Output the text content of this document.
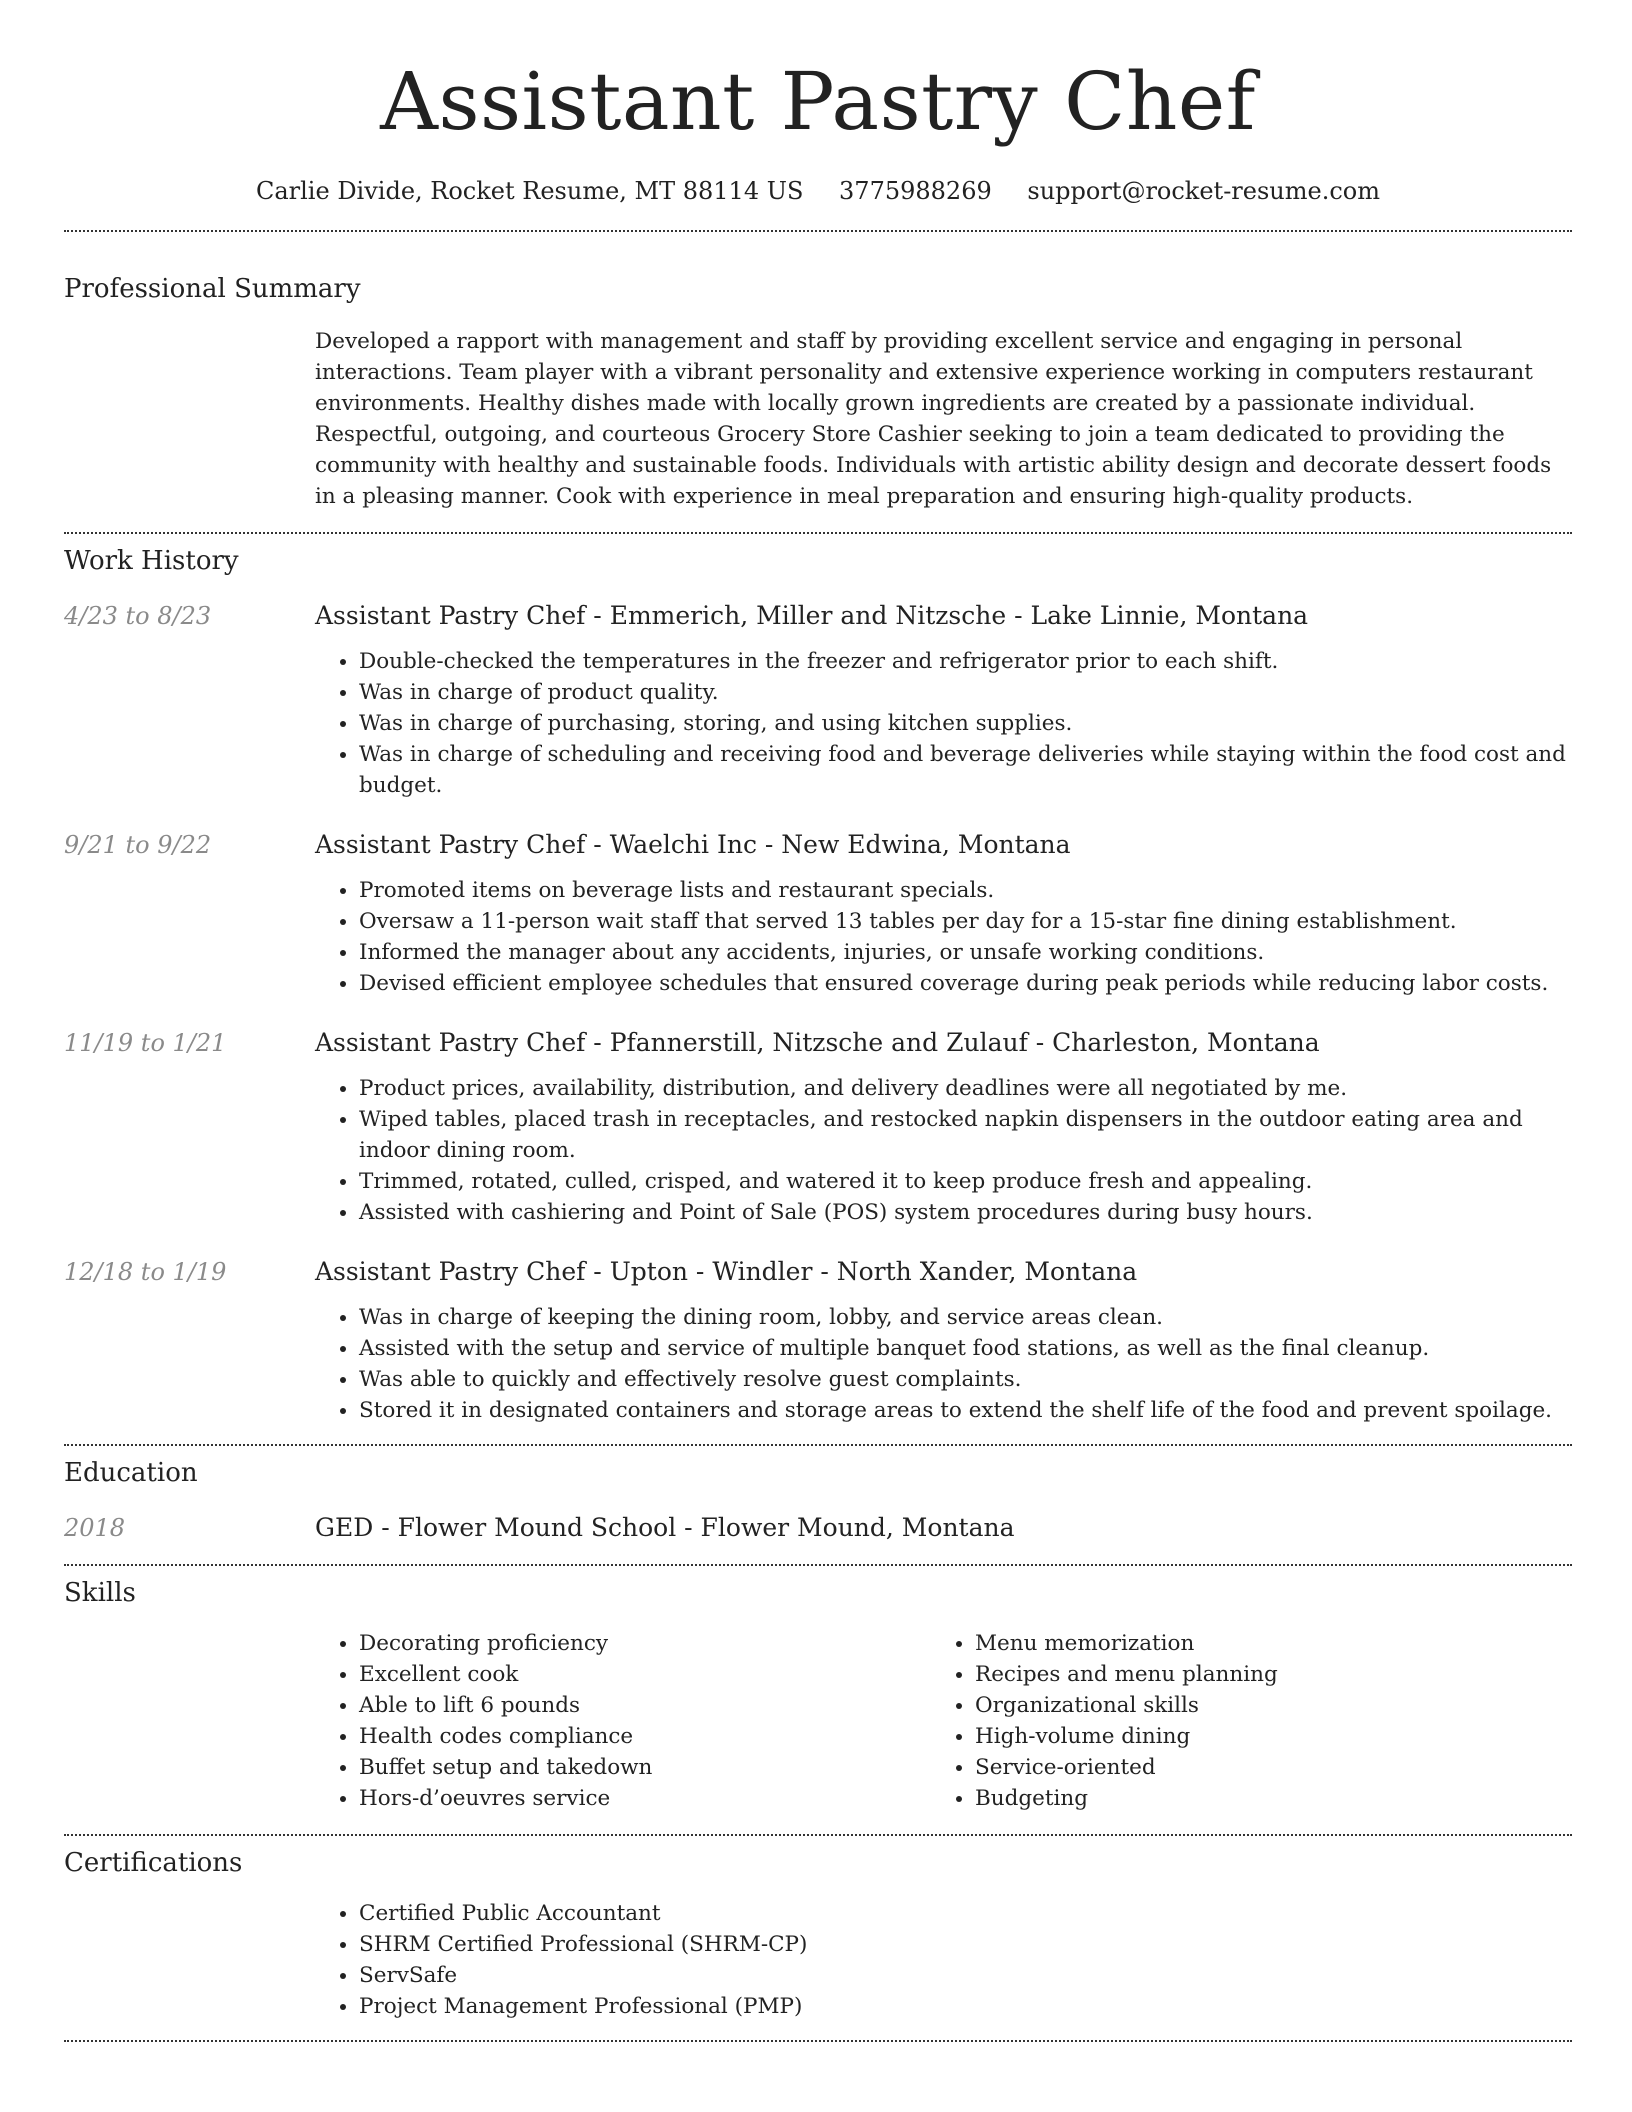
Assistant Pastry Chef
Carlie Divide, Rocket Resume, MT 88114 US 3775988269 support@rocket-resume.com
Professional Summary

Developed a rapport with management and staff by providing excellent service and engaging in personal interactions. Team player with a vibrant personality and extensive experience working in computers restaurant environments. Healthy dishes made with locally grown ingredients are created by a passionate individual. Respectful, outgoing, and courteous Grocery Store Cashier seeking to join a team dedicated to providing the community with healthy and sustainable foods. Individuals with artistic ability design and decorate dessert foods in a pleasing manner. Cook with experience in meal preparation and ensuring high-quality products.

Work History
4/23 to 8/23	Assistant Pastry Chef - Emmerich, Miller and Nitzsche - Lake Linnie, Montana
• Double-checked the temperatures in the freezer and refrigerator prior to each shift.
• Was in charge of product quality.
• Was in charge of purchasing, storing, and using kitchen supplies.
• Was in charge of scheduling and receiving food and beverage deliveries while staying within the food cost and budget.
9/21 to 9/22	Assistant Pastry Chef - Waelchi Inc - New Edwina, Montana
• Promoted items on beverage lists and restaurant specials.
• Oversaw a 11-person wait staff that served 13 tables per day for a 15-star fine dining establishment.
• Informed the manager about any accidents, injuries, or unsafe working conditions.
• Devised efficient employee schedules that ensured coverage during peak periods while reducing labor costs.
11/19 to 1/21	Assistant Pastry Chef - Pfannerstill, Nitzsche and Zulauf - Charleston, Montana
• Product prices, availability, distribution, and delivery deadlines were all negotiated by me.
• Wiped tables, placed trash in receptacles, and restocked napkin dispensers in the outdoor eating area and indoor dining room.
• Trimmed, rotated, culled, crisped, and watered it to keep produce fresh and appealing.
• Assisted with cashiering and Point of Sale (POS) system procedures during busy hours.
12/18 to 1/19	Assistant Pastry Chef - Upton - Windler - North Xander, Montana
• Was in charge of keeping the dining room, lobby, and service areas clean.
• Assisted with the setup and service of multiple banquet food stations, as well as the final cleanup.
• Was able to quickly and effectively resolve guest complaints.
• Stored it in designated containers and storage areas to extend the shelf life of the food and prevent spoilage.
Education
2018	GED - Flower Mound School - Flower Mound, Montana
Skills
• Decorating proficiency
• Excellent cook
• Able to lift 6 pounds
• Health codes compliance
• Buffet setup and takedown
• Hors-d’oeuvres service
• Menu memorization
• Recipes and menu planning
• Organizational skills
• High-volume dining
• Service-oriented
• Budgeting
Certifications
• Certified Public Accountant
• SHRM Certified Professional (SHRM-CP)
• ServSafe
• Project Management Professional (PMP)
